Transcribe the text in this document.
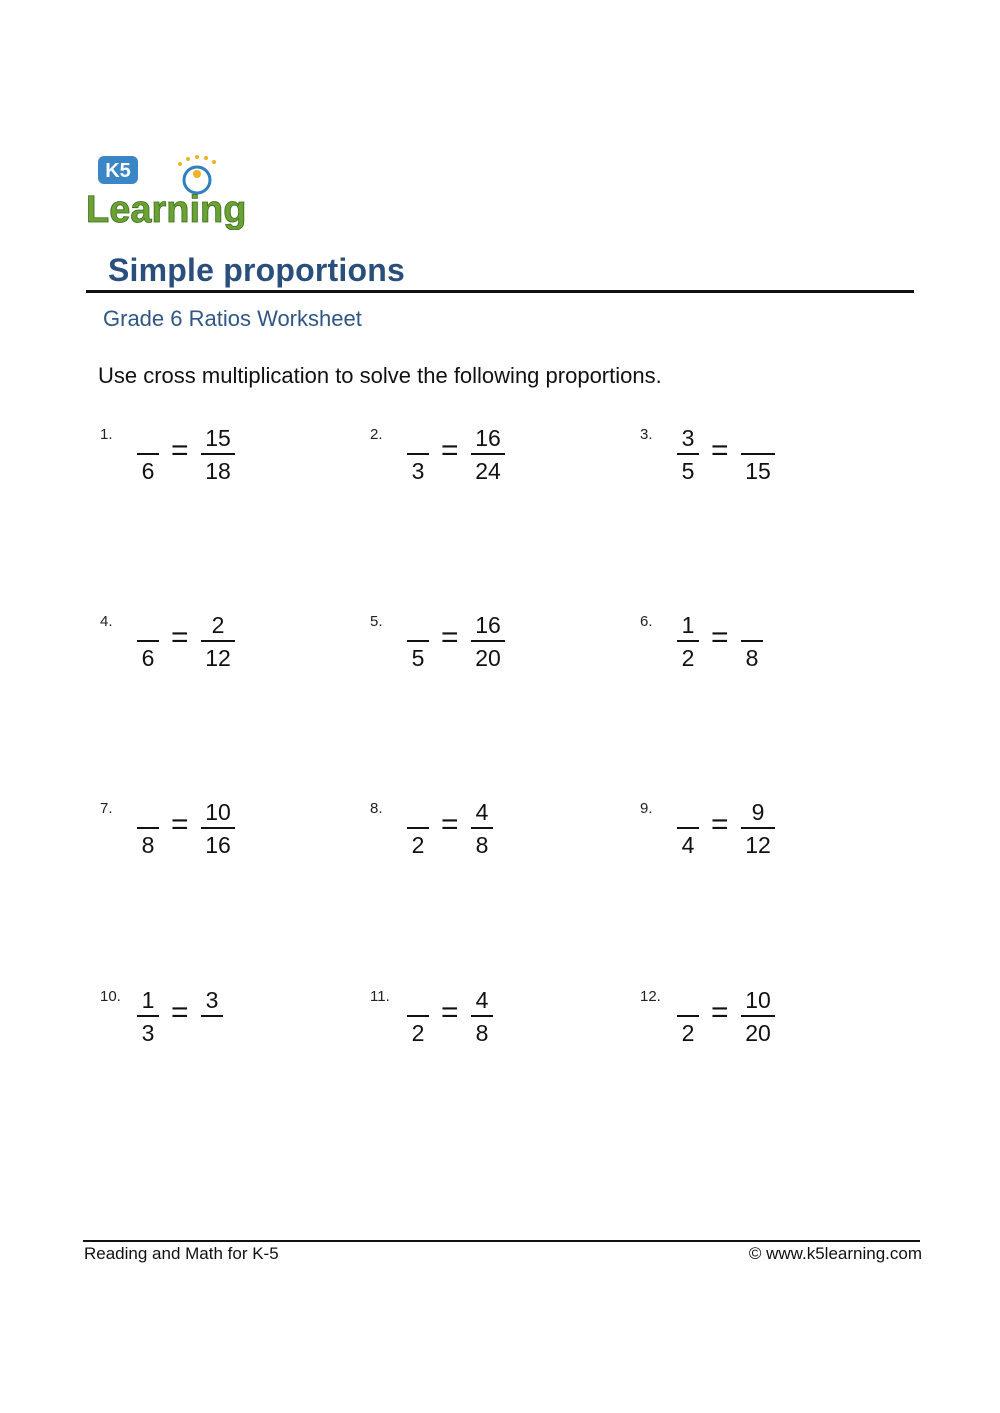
K5
Learning
Simple proportions
Grade 6 Ratios Worksheet
Use cross multiplication to solve the following proportions.
1.
6
= 15
18
2.
3
= 16
24
3. 3
5
=
15
4.
6
= 2
12
5.
5
= 16
20
6. 1
2
=
8
7.
8
= 10
16
8.
2
= 4
8
9.
4
= 9
12
10. 1
3
= 3	11.
2
= 4
8
12.
2
= 10
20
Reading and Math for K-5	© www.k5learning.com
